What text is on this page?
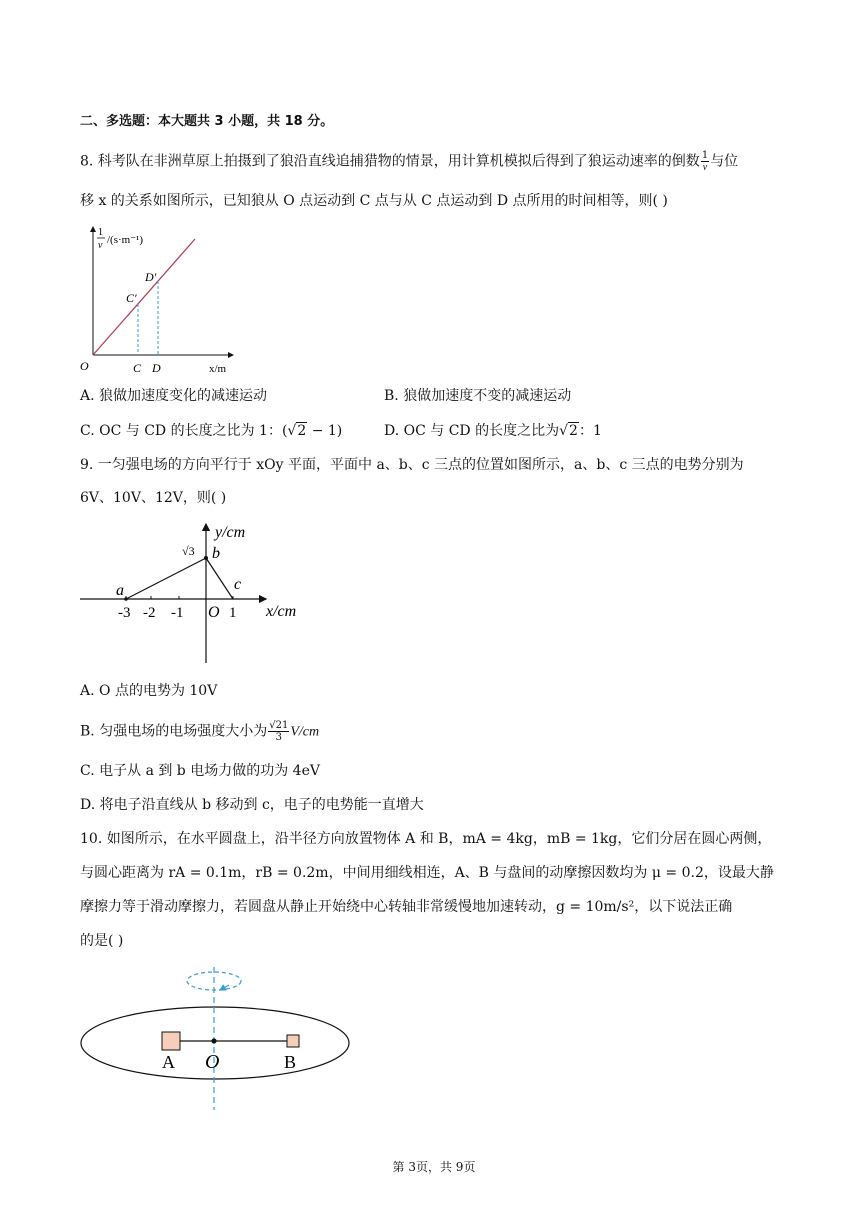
二、多选题：本大题共 3 小题，共 18 分。
8. 科考队在非洲草原上拍摄到了狼沿直线追捕猎物的情景，用计算机模拟后得到了狼运动速率的倒数 $\frac{1}{v}$ 与位
移 x 的关系如图所示，已知狼从 O 点运动到 C 点与从 C 点运动到 D 点所用的时间相等，则( )
1
v /(s·m⁻¹)
D′
C′
O	C D	x/m
A. 狼做加速度变化的减速运动	B. 狼做加速度不变的减速运动
C. OC 与 CD 的长度之比为 1：(√2 − 1)	D. OC 与 CD 的长度之比为√2：1
9. 一匀强电场的方向平行于 xOy 平面，平面中 a、b、c 三点的位置如图所示，a、b、c 三点的电势分别为
6V、10V、12V，则( )
y/cm
√3 b
c
a
-3 -2 -1 O 1 x/cm
A. O 点的电势为 10V
B. 匀强电场的电场强度大小为 $\frac{√21}{3} V/cm$
C. 电子从 a 到 b 电场力做的功为 4eV
D. 将电子沿直线从 b 移动到 c，电子的电势能一直增大
10. 如图所示，在水平圆盘上，沿半径方向放置物体 A 和 B，mA = 4kg，mB = 1kg，它们分居在圆心两侧，
与圆心距离为 rA = 0.1m，rB = 0.2m，中间用细线相连，A、B 与盘间的动摩擦因数均为 μ = 0.2，设最大静
摩擦力等于滑动摩擦力，若圆盘从静止开始绕中心转轴非常缓慢地加速转动，g = 10m/s²，以下说法正确
的是( )
A O	B
第 3页，共 9页
